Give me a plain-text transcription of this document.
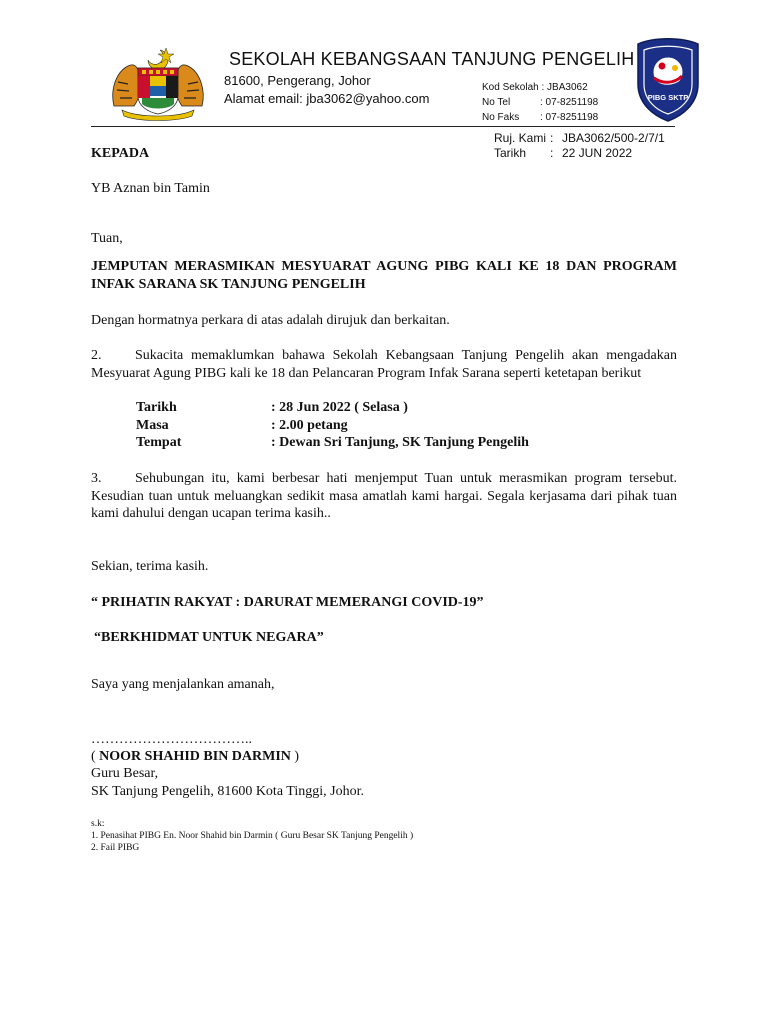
PIBG SKTP
SEKOLAH KEBANGSAAN TANJUNG PENGELIH
81600, Pengerang, Johor
Alamat email: jba3062@yahoo.com
Kod Sekolah : JBA3062
No Tel	: 07-8251198
No Faks : 07-8251198
Ruj. Kami : JBA3062/500-2/7/1
Tarikh : 22 JUN 2022
KEPADA
YB Aznan bin Tamin
Tuan,
JEMPUTAN MERASMIKAN MESYUARAT AGUNG PIBG KALI KE 18 DAN PROGRAM INFAK SARANA SK TANJUNG PENGELIH
Dengan hormatnya perkara di atas adalah dirujuk dan berkaitan.
2. Sukacita memaklumkan bahawa Sekolah Kebangsaan Tanjung Pengelih akan mengadakan Mesyuarat Agung PIBG kali ke 18 dan Pelancaran Program Infak Sarana seperti ketetapan berikut
Tarikh	: 28 Jun 2022 ( Selasa )
Masa	: 2.00 petang
Tempat	: Dewan Sri Tanjung, SK Tanjung Pengelih
3. Sehubungan itu, kami berbesar hati menjemput Tuan untuk merasmikan program tersebut. Kesudian tuan untuk meluangkan sedikit masa amatlah kami hargai. Segala kerjasama dari pihak tuan kami dahului dengan ucapan terima kasih..
Sekian, terima kasih.
“ PRIHATIN RAKYAT : DARURAT MEMERANGI COVID-19”
“BERKHIDMAT UNTUK NEGARA”
Saya yang menjalankan amanah,
……………………………..
( NOOR SHAHID BIN DARMIN )
Guru Besar,
SK Tanjung Pengelih, 81600 Kota Tinggi, Johor.
s.k:
1. Penasihat PIBG En. Noor Shahid bin Darmin ( Guru Besar SK Tanjung Pengelih )
2. Fail PIBG
